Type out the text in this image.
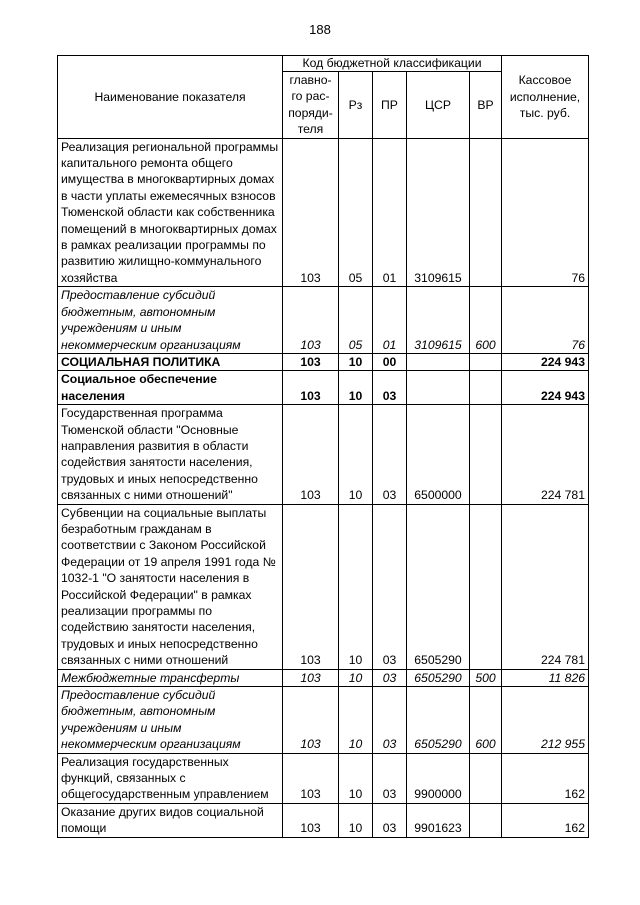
188
Наименование показателя	Код бюджетной классификации					Кассовое исполнение, тыс. руб.
	главно-го рас-поряди-теля	Рз	ПР	ЦСР	ВР	
Реализация региональной программы капитального ремонта общего имущества в многоквартирных домах в части уплаты ежемесячных взносов Тюменской области как собственника помещений в многоквартирных домах в рамках реализации программы по развитию жилищно-коммунального хозяйства	103	05	01	3109615		76
Предоставление субсидий бюджетным, автономным учреждениям и иным некоммерческим организациям	103	05	01	3109615	600	76
СОЦИАЛЬНАЯ ПОЛИТИКА	103	10	00			224 943
Социальное обеспечение населения	103	10	03			224 943
Государственная программа Тюменской области "Основные направления развития в области содействия занятости населения, трудовых и иных непосредственно связанных с ними отношений"	103	10	03	6500000		224 781
Субвенции на социальные выплаты безработным гражданам в соответствии с Законом Российской Федерации от 19 апреля 1991 года № 1032-1 "О занятости населения в Российской Федерации" в рамках реализации программы по содействию занятости населения, трудовых и иных непосредственно связанных с ними отношений	103	10	03	6505290		224 781
Межбюджетные трансферты	103	10	03	6505290	500	11 826
Предоставление субсидий бюджетным, автономным учреждениям и иным некоммерческим организациям	103	10	03	6505290	600	212 955
Реализация государственных функций, связанных с общегосударственным управлением	103	10	03	9900000		162
Оказание других видов социальной помощи	103	10	03	9901623		162
